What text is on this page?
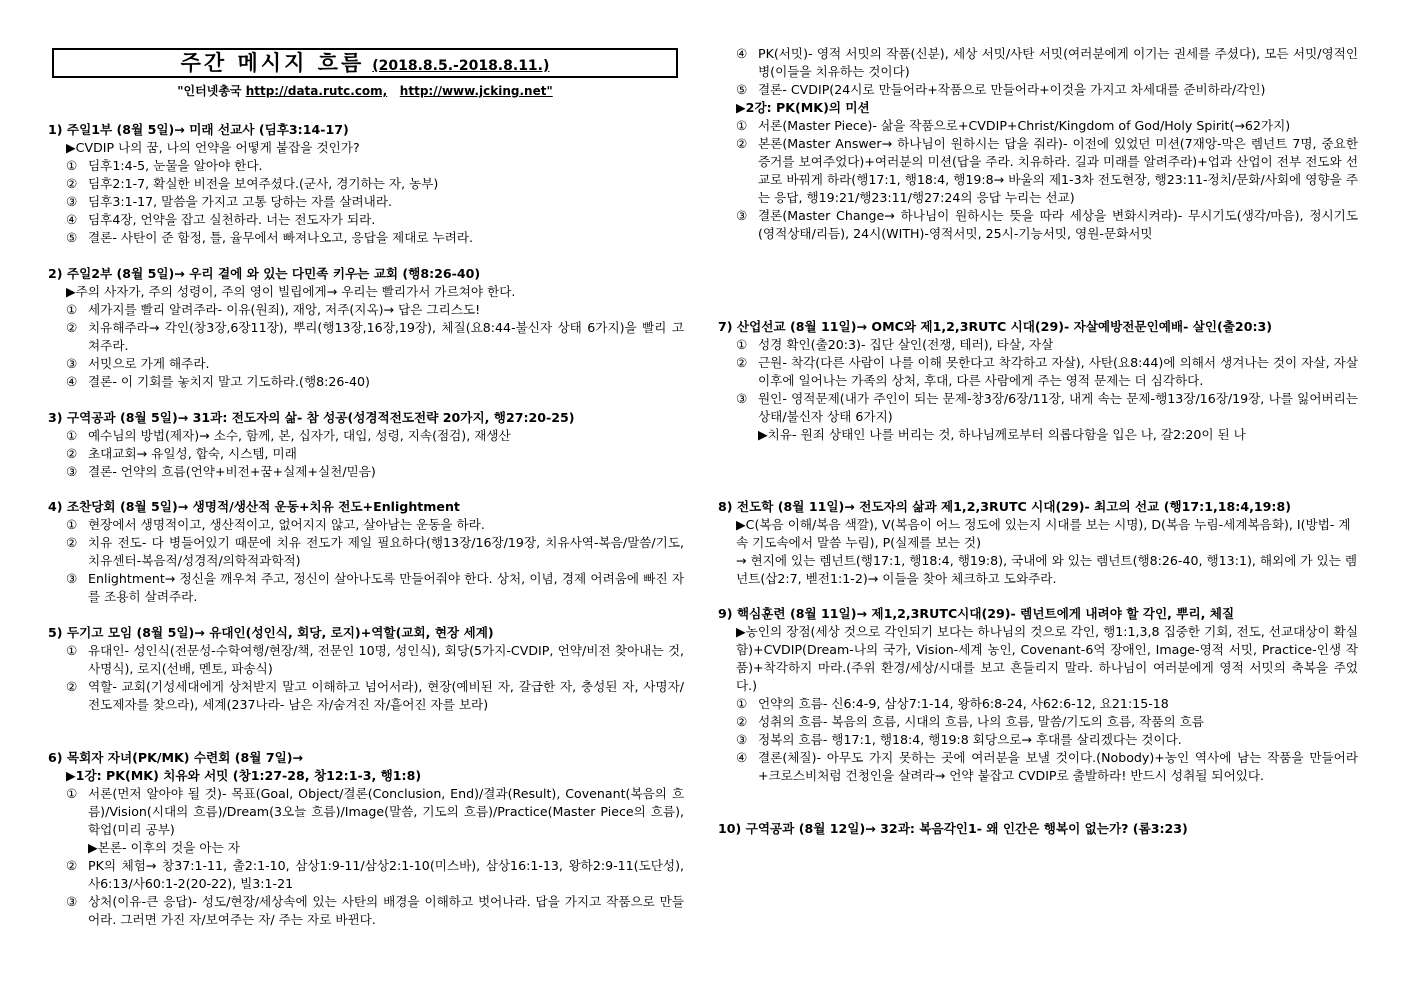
주간 메시지 흐름 (2018.8.5.-2018.8.11.)
"인터넷총국 http://data.rutc.com, http://www.jcking.net"
1) 주일1부 (8월 5일)→ 미래 선교사 (딤후3:14-17)
▶CVDIP 나의 꿈, 나의 언약을 어떻게 붙잡을 것인가?
① 딤후1:4-5, 눈물을 알아야 한다.
② 딤후2:1-7, 확실한 비전을 보여주셨다.(군사, 경기하는 자, 농부)
③ 딤후3:1-17, 말씀을 가지고 고통 당하는 자를 살려내라.
④ 딤후4장, 언약을 잡고 실천하라. 너는 전도자가 되라.
⑤ 결론- 사탄이 준 함정, 틀, 율무에서 빠져나오고, 응답을 제대로 누려라.
2) 주일2부 (8월 5일)→ 우리 곁에 와 있는 다민족 키우는 교회 (행8:26-40)
▶주의 사자가, 주의 성령이, 주의 영이 빌립에게→ 우리는 빨리가서 가르쳐야 한다.
① 세가지를 빨리 알려주라- 이유(원죄), 재앙, 저주(지옥)→ 답은 그리스도!
② 치유해주라→ 각인(창3장,6장11장), 뿌리(행13장,16장,19장), 체질(요8:44-불신자 상태 6가지)을 빨리 고쳐주라.
③ 서밋으로 가게 해주라.
④ 결론- 이 기회를 놓치지 말고 기도하라.(행8:26-40)
3) 구역공과 (8월 5일)→ 31과: 전도자의 삶- 참 성공(성경적전도전략 20가지, 행27:20-25)
① 예수님의 방법(제자)→ 소수, 함께, 본, 십자가, 대입, 성령, 지속(점검), 재생산
② 초대교회→ 유일성, 합숙, 시스템, 미래
③ 결론- 언약의 흐름(언약+비전+꿈+실제+실천/믿음)
4) 조찬당회 (8월 5일)→ 생명적/생산적 운동+치유 전도+Enlightment
① 현장에서 생명적이고, 생산적이고, 없어지지 않고, 살아남는 운동을 하라.
② 치유 전도- 다 병들어있기 때문에 치유 전도가 제일 필요하다(행13장/16장/19장, 치유사역-복음/말씀/기도, 치유센터-복음적/성경적/의학적과학적)
③ Enlightment→ 정신을 깨우쳐 주고, 정신이 살아나도록 만들어줘야 한다. 상처, 이념, 경제 어려움에 빠진 자를 조용히 살려주라.
5) 두기고 모임 (8월 5일)→ 유대인(성인식, 회당, 로지)+역할(교회, 현장 세계)
① 유대인- 성인식(전문성-수학여행/현장/책, 전문인 10명, 성인식), 회당(5가지-CVDIP, 언약/비전 찾아내는 것, 사명식), 로지(선배, 멘토, 파송식)
② 역할- 교회(기성세대에게 상처받지 말고 이해하고 넘어서라), 현장(예비된 자, 갈급한 자, 충성된 자, 사명자/전도제자를 찾으라), 세계(237나라- 남은 자/숨겨진 자/흩어진 자를 보라)
6) 목회자 자녀(PK/MK) 수련회 (8월 7일)→
▶1강: PK(MK) 치유와 서밋 (창1:27-28, 창12:1-3, 행1:8)
① 서론(먼저 알아야 될 것)- 목표(Goal, Object/결론(Conclusion, End)/결과(Result), Covenant(복음의 흐름)/Vision(시대의 흐름)/Dream(3오늘 흐름)/Image(말씀, 기도의 흐름)/Practice(Master Piece의 흐름), 학업(미리 공부)
▶본론- 이후의 것을 아는 자
② PK의 체험→ 창37:1-11, 출2:1-10, 삼상1:9-11/삼상2:1-10(미스바), 삼상16:1-13, 왕하2:9-11(도단성), 사6:13/사60:1-2(20-22), 빌3:1-21
③ 상처(이유-큰 응답)- 성도/현장/세상속에 있는 사탄의 배경을 이해하고 벗어나라. 답을 가지고 작품으로 만들어라. 그러면 가진 자/보여주는 자/ 주는 자로 바뀐다.
④ PK(서밋)- 영적 서밋의 작품(신분), 세상 서밋/사탄 서밋(여러분에게 이기는 권세를 주셨다), 모든 서밋/영적인 병(이들을 치유하는 것이다)
⑤ 결론- CVDIP(24시로 만들어라+작품으로 만들어라+이것을 가지고 차세대를 준비하라/각인)
▶2강: PK(MK)의 미션
① 서론(Master Piece)- 삶을 작품으로+CVDIP+Christ/Kingdom of God/Holy Spirit(→62가지)
② 본론(Master Answer→ 하나님이 원하시는 답을 줘라)- 이전에 있었던 미션(7재앙-막은 렘넌트 7명, 중요한 증거를 보여주었다)+여러분의 미션(답을 주라. 치유하라. 길과 미래를 알려주라)+업과 산업이 전부 전도와 선교로 바꿔게 하라(행17:1, 행18:4, 행19:8→ 바울의 제1-3차 전도현장, 행23:11-정치/문화/사회에 영향을 주는 응답, 행19:21/행23:11/행27:24의 응답 누리는 선교)
③ 결론(Master Change→ 하나님이 원하시는 뜻을 따라 세상을 변화시켜라)- 무시기도(생각/마음), 정시기도(영적상태/리듬), 24시(WITH)-영적서밋, 25시-기능서밋, 영원-문화서밋
7) 산업선교 (8월 11일)→ OMC와 제1,2,3RUTC 시대(29)- 자살예방전문인예배- 살인(출20:3)
① 성경 확인(출20:3)- 집단 살인(전쟁, 테러), 타살, 자살
② 근원- 착각(다른 사람이 나를 이해 못한다고 착각하고 자살), 사탄(요8:44)에 의해서 생겨나는 것이 자살, 자살 이후에 일어나는 가족의 상처, 후대, 다른 사람에게 주는 영적 문제는 더 심각하다.
③ 원인- 영적문제(내가 주인이 되는 문제-창3장/6장/11장, 내게 속는 문제-행13장/16장/19장, 나를 잃어버리는 상태/불신자 상태 6가지)
▶치유- 원죄 상태인 나를 버리는 것, 하나님께로부터 의롭다함을 입은 나, 갈2:20이 된 나
8) 전도학 (8월 11일)→ 전도자의 삶과 제1,2,3RUTC 시대(29)- 최고의 선교 (행17:1,18:4,19:8)
▶C(복음 이해/복음 색깔), V(복음이 어느 정도에 있는지 시대를 보는 시명), D(복음 누림-세계복음화), I(방법- 계속 기도속에서 말씀 누림), P(실제를 보는 것)
→ 현지에 있는 렘넌트(행17:1, 행18:4, 행19:8), 국내에 와 있는 렘넌트(행8:26-40, 행13:1), 해외에 가 있는 렘넌트(삽2:7, 벧전1:1-2)→ 이들을 찾아 체크하고 도와주라.
9) 핵심훈련 (8월 11일)→ 제1,2,3RUTC시대(29)- 렘넌트에게 내려야 할 각인, 뿌리, 체질
▶농인의 장점(세상 것으로 각인되기 보다는 하나님의 것으로 각인, 행1:1,3,8 집중한 기회, 전도, 선교대상이 확실함)+CVDIP(Dream-나의 국가, Vision-세계 농인, Covenant-6억 장애인, Image-영적 서밋, Practice-인생 작품)+착각하지 마라.(주위 환경/세상/시대를 보고 흔들리지 말라. 하나님이 여러분에게 영적 서밋의 축복을 주었다.)
① 언약의 흐름- 신6:4-9, 삼상7:1-14, 왕하6:8-24, 사62:6-12, 요21:15-18
② 성취의 흐름- 복음의 흐름, 시대의 흐름, 나의 흐름, 말씀/기도의 흐름, 작품의 흐름
③ 정복의 흐름- 행17:1, 행18:4, 행19:8 회당으로→ 후대를 살리겠다는 것이다.
④ 결론(체질)- 아무도 가지 못하는 곳에 여러분을 보낼 것이다.(Nobody)+농인 역사에 남는 작품을 만들어라+크로스비처럼 건청인을 살려라→ 언약 붙잡고 CVDIP로 출발하라! 반드시 성취될 되어있다.
10) 구역공과 (8월 12일)→ 32과: 복음각인1- 왜 인간은 행복이 없는가? (롬3:23)
